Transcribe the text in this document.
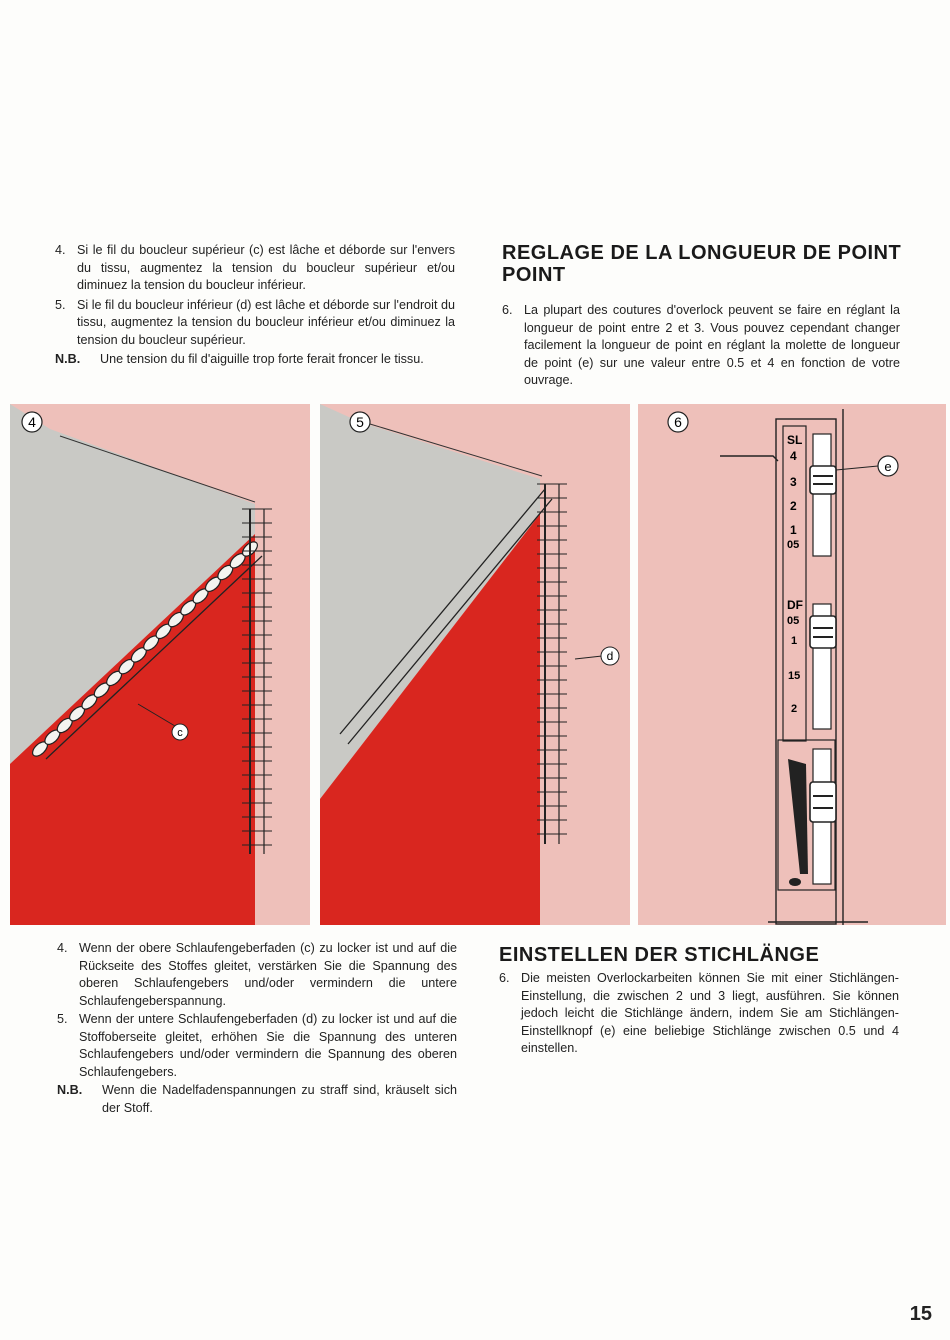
4. Si le fil du boucleur supérieur (c) est lâche et déborde sur l'envers du tissu, augmentez la tension du boucleur supérieur et/ou diminuez la tension du boucleur inférieur.
5. Si le fil du boucleur inférieur (d) est lâche et déborde sur l'endroit du tissu, augmentez la tension du boucleur inférieur et/ou diminuez la tension du boucleur supérieur.
N.B.	Une tension du fil d'aiguille trop forte ferait froncer le tissu.
REGLAGE DE LA LONGUEUR DE POINT POINT
6. La plupart des coutures d'overlock peuvent se faire en réglant la longueur de point entre 2 et 3. Vous pouvez cependant changer facilement la longueur de point en réglant la molette de longueur de point (e) sur une valeur entre 0.5 et 4 en fonction de votre ouvrage.
4
c
5
d
SL
4
3
2
1
05
e
DF
05
1
15
2
6
4. Wenn der obere Schlaufengeberfaden (c) zu locker ist und auf die Rückseite des Stoffes gleitet, verstärken Sie die Spannung des oberen Schlaufengebers und/oder vermindern die untere Schlaufengeberspannung.
5. Wenn der untere Schlaufengeberfaden (d) zu locker ist und auf die Stoffoberseite gleitet, erhöhen Sie die Spannung des unteren Schlaufengebers und/oder vermindern die Spannung des oberen Schlaufengebers.
N.B.	Wenn die Nadelfadenspannungen zu straff sind, kräuselt sich der Stoff.
EINSTELLEN DER STICHLÄNGE
6. Die meisten Overlockarbeiten können Sie mit einer Stichlängen-Einstellung, die zwischen 2 und 3 liegt, ausführen. Sie können jedoch leicht die Stichlänge ändern, indem Sie am Stichlängen-Einstellknopf (e) eine beliebige Stichlänge zwischen 0.5 und 4 einstellen.
15
